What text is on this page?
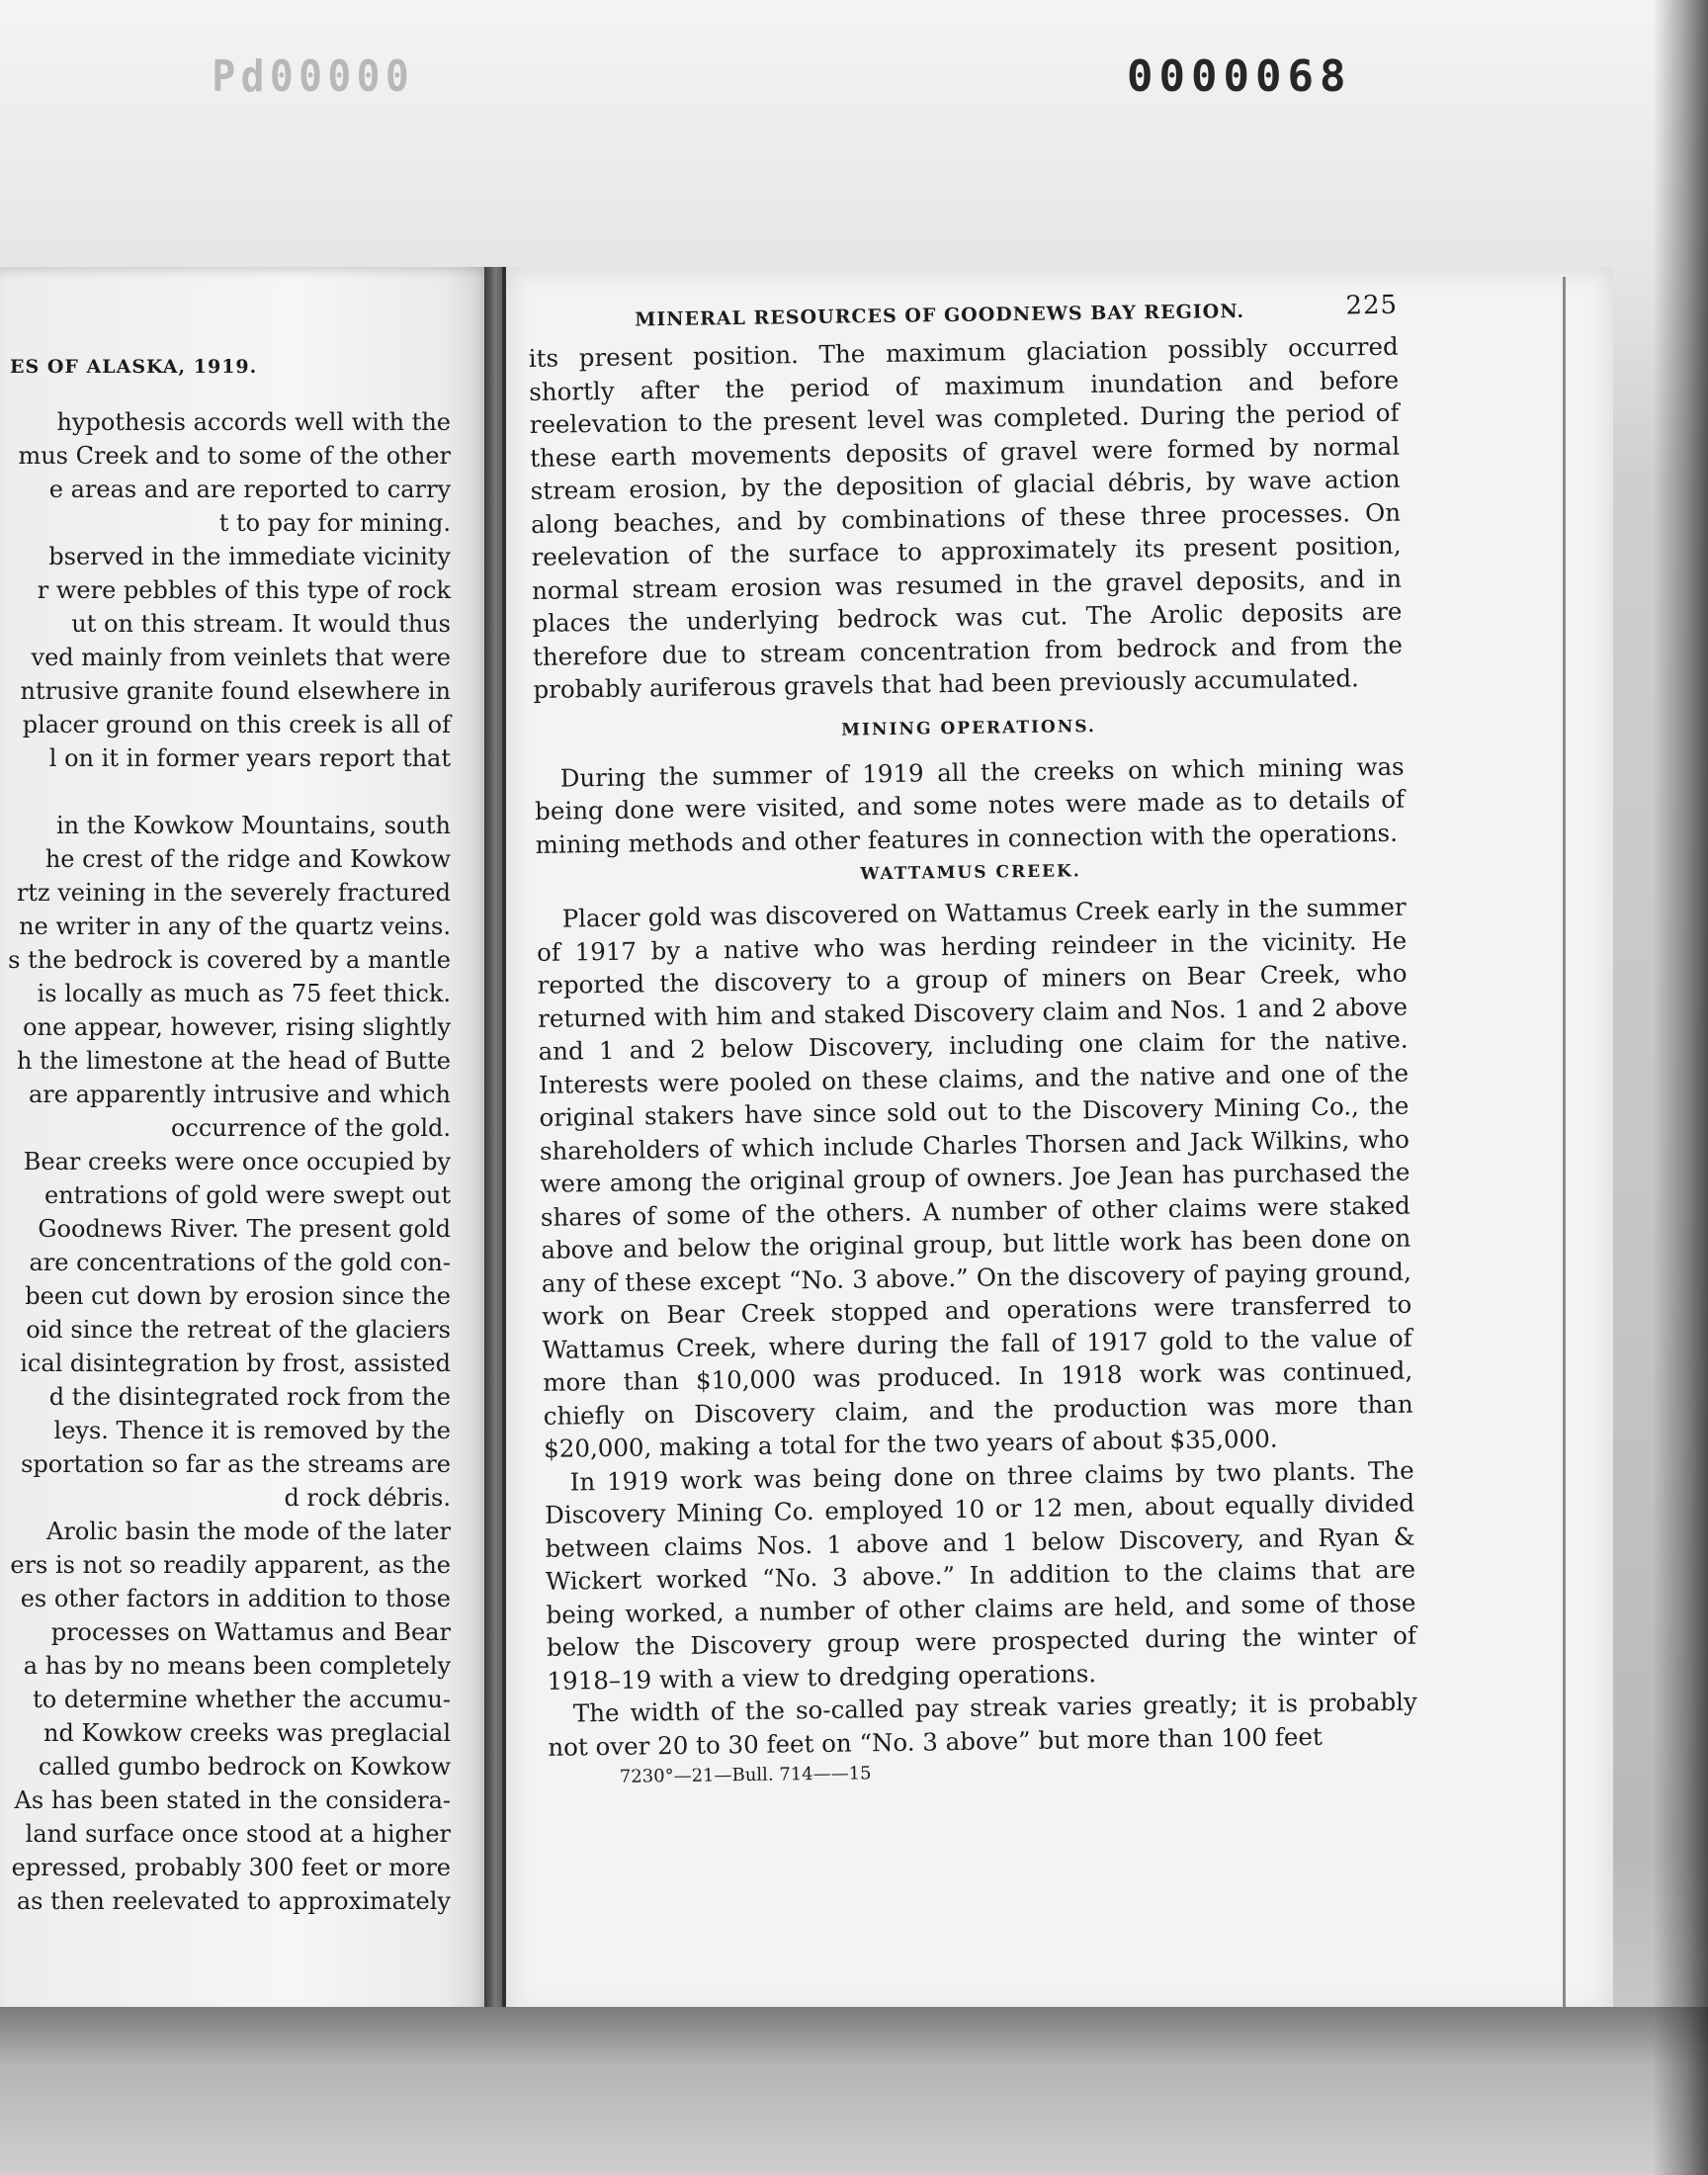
Pd00000	0000068
ES OF ALASKA, 1919.
hypothesis accords well with the
mus Creek and to some of the other
e areas and are reported to carry
t to pay for mining.
bserved in the immediate vicinity
r were pebbles of this type of rock
ut on this stream. It would thus
ved mainly from veinlets that were
ntrusive granite found elsewhere in
placer ground on this creek is all of
l on it in former years report that
in the Kowkow Mountains, south
he crest of the ridge and Kowkow
rtz veining in the severely fractured
ne writer in any of the quartz veins.
s the bedrock is covered by a mantle
is locally as much as 75 feet thick.
one appear, however, rising slightly
h the limestone at the head of Butte
are apparently intrusive and which
occurrence of the gold.
Bear creeks were once occupied by
entrations of gold were swept out
Goodnews River. The present gold
are concentrations of the gold con-
been cut down by erosion since the
oid since the retreat of the glaciers
ical disintegration by frost, assisted
d the disintegrated rock from the
leys. Thence it is removed by the
sportation so far as the streams are
d rock débris.
Arolic basin the mode of the later
ers is not so readily apparent, as the
es other factors in addition to those
processes on Wattamus and Bear
a has by no means been completely
to determine whether the accumu-
nd Kowkow creeks was preglacial
called gumbo bedrock on Kowkow
As has been stated in the considera-
land surface once stood at a higher
epressed, probably 300 feet or more
as then reelevated to approximately
MINERAL RESOURCES OF GOODNEWS BAY REGION.	225

its present position. The maximum glaciation possibly occurred shortly after the period of maximum inundation and before reelevation to the present level was completed. During the period of these earth movements deposits of gravel were formed by normal stream erosion, by the deposition of glacial débris, by wave action along beaches, and by combinations of these three processes. On reelevation of the surface to approximately its present position, normal stream erosion was resumed in the gravel deposits, and in places the underlying bedrock was cut. The Arolic deposits are therefore due to stream concentration from bedrock and from the probably auriferous gravels that had been previously accumulated.

MINING OPERATIONS.

During the summer of 1919 all the creeks on which mining was being done were visited, and some notes were made as to details of mining methods and other features in connection with the operations.

WATTAMUS CREEK.

Placer gold was discovered on Wattamus Creek early in the summer of 1917 by a native who was herding reindeer in the vicinity. He reported the discovery to a group of miners on Bear Creek, who returned with him and staked Discovery claim and Nos. 1 and 2 above and 1 and 2 below Discovery, including one claim for the native. Interests were pooled on these claims, and the native and one of the original stakers have since sold out to the Discovery Mining Co., the shareholders of which include Charles Thorsen and Jack Wilkins, who were among the original group of owners. Joe Jean has purchased the shares of some of the others. A number of other claims were staked above and below the original group, but little work has been done on any of these except “No. 3 above.” On the discovery of paying ground, work on Bear Creek stopped and operations were transferred to Wattamus Creek, where during the fall of 1917 gold to the value of more than $10,000 was produced. In 1918 work was continued, chiefly on Discovery claim, and the production was more than $20,000, making a total for the two years of about $35,000.

In 1919 work was being done on three claims by two plants. The Discovery Mining Co. employed 10 or 12 men, about equally divided between claims Nos. 1 above and 1 below Discovery, and Ryan & Wickert worked “No. 3 above.” In addition to the claims that are being worked, a number of other claims are held, and some of those below the Discovery group were prospected during the winter of 1918–19 with a view to dredging operations.

The width of the so-called pay streak varies greatly; it is probably not over 20 to 30 feet on “No. 3 above” but more than 100 feet

7230°—21—Bull. 714——15
